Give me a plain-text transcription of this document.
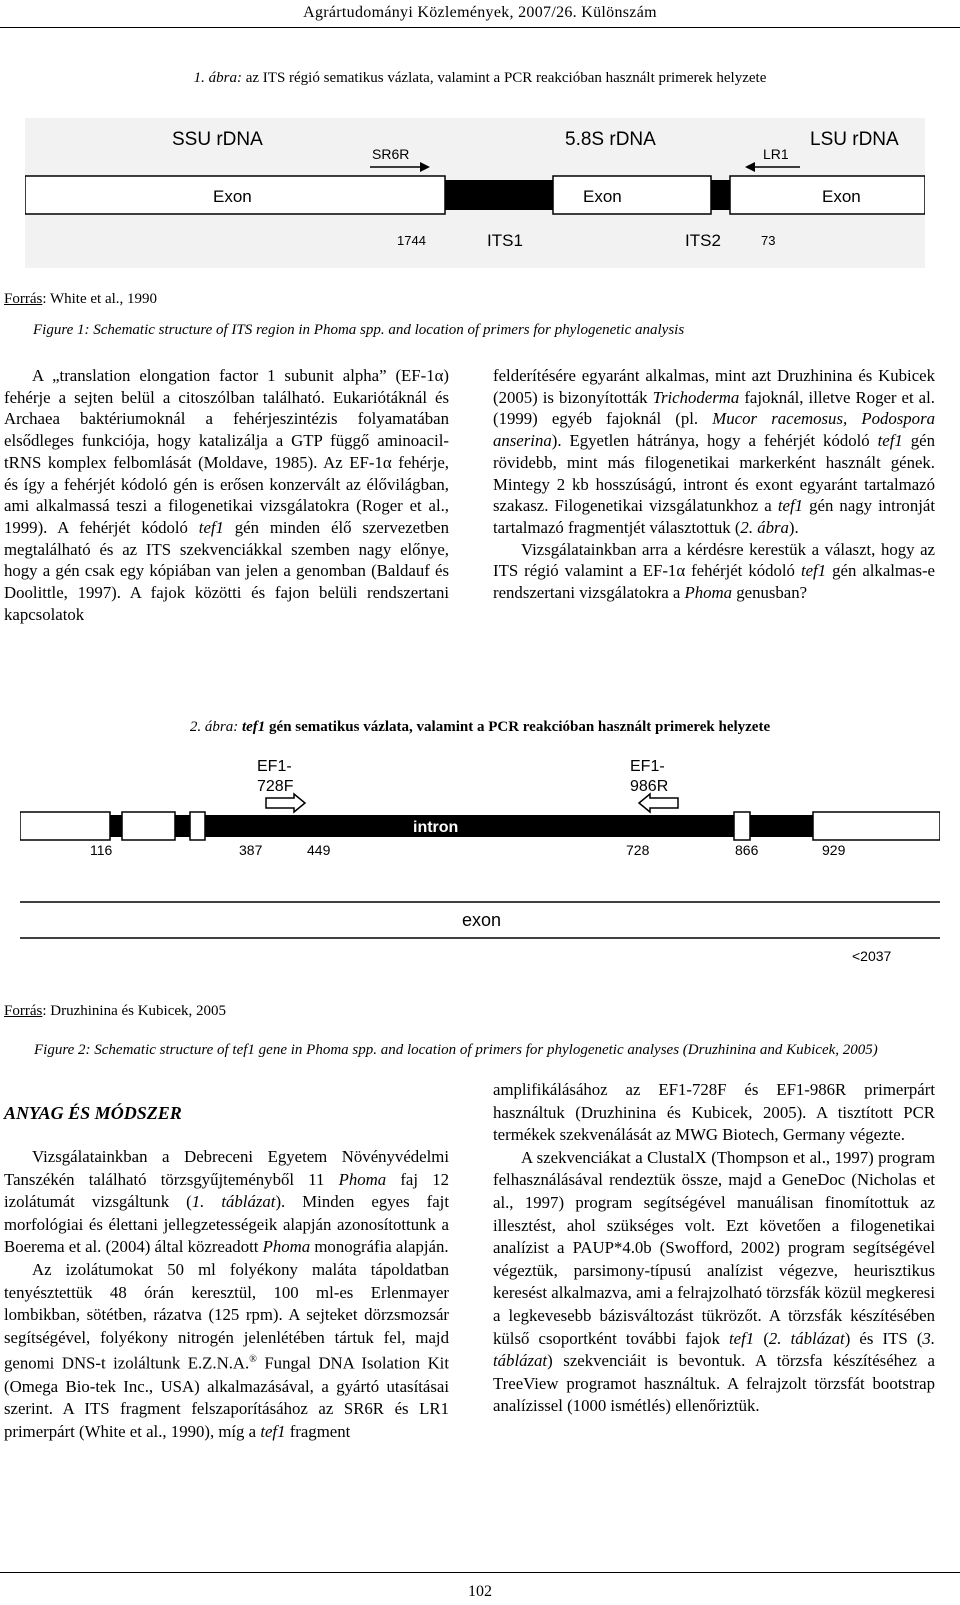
Agrártudományi Közlemények, 2007/26. Különszám
1. ábra: az ITS régió sematikus vázlata, valamint a PCR reakcióban használt primerek helyzete
SSU rDNA	5.8S rDNA	LSU rDNA
SR6R	LR1
Exon	Exon	Exon
1744	ITS1	ITS2	73
Forrás: White et al., 1990
Figure 1: Schematic structure of ITS region in Phoma spp. and location of primers for phylogenetic analysis

A „translation elongation factor 1 subunit alpha” (EF-1α) fehérje a sejten belül a citoszólban található. Eukariótáknál és Archaea baktériumoknál a fehérjeszintézis folyamatában elsődleges funkciója, hogy katalizálja a GTP függő aminoacil-tRNS komplex felbomlását (Moldave, 1985). Az EF-1α fehérje, és így a fehérjét kódoló gén is erősen konzervált az élővilágban, ami alkalmassá teszi a filogenetikai vizsgálatokra (Roger et al., 1999). A fehérjét kódoló tef1 gén minden élő szervezetben megtalálható és az ITS szekvenciákkal szemben nagy előnye, hogy a gén csak egy kópiában van jelen a genomban (Baldauf és Doolittle, 1997). A fajok közötti és fajon belüli rendszertani kapcsolatok

felderítésére egyaránt alkalmas, mint azt Druzhinina és Kubicek (2005) is bizonyították Trichoderma fajoknál, illetve Roger et al. (1999) egyéb fajoknál (pl. Mucor racemosus, Podospora anserina). Egyetlen hátránya, hogy a fehérjét kódoló tef1 gén rövidebb, mint más filogenetikai markerként használt gének. Mintegy 2 kb hosszúságú, intront és exont egyaránt tartalmazó szakasz. Filogenetikai vizsgálatunkhoz a tef1 gén nagy intronját tartalmazó fragmentjét választottuk (2. ábra).

Vizsgálatainkban arra a kérdésre kerestük a választ, hogy az ITS régió valamint a EF-1α fehérjét kódoló tef1 gén alkalmas-e rendszertani vizsgálatokra a Phoma genusban?

2. ábra: tef1 gén sematikus vázlata, valamint a PCR reakcióban használt primerek helyzete
EF1-
728F
EF1-
986R
intron
116	387	449	728	866	929
exon
<2037
Forrás: Druzhinina és Kubicek, 2005
Figure 2: Schematic structure of tef1 gene in Phoma spp. and location of primers for phylogenetic analyses (Druzhinina and Kubicek, 2005)
ANYAG ÉS MÓDSZER

Vizsgálatainkban a Debreceni Egyetem Növényvédelmi Tanszékén található törzsgyűjteményből 11 Phoma faj 12 izolátumát vizsgáltunk (1. táblázat). Minden egyes fajt morfológiai és élettani jellegzetességeik alapján azonosítottunk a Boerema et al. (2004) által közreadott Phoma monográfia alapján.

Az izolátumokat 50 ml folyékony maláta tápoldatban tenyésztettük 48 órán keresztül, 100 ml-es Erlenmayer lombikban, sötétben, rázatva (125 rpm). A sejteket dörzsmozsár segítségével, folyékony nitrogén jelenlétében tártuk fel, majd genomi DNS-t izoláltunk E.Z.N.A.® Fungal DNA Isolation Kit (Omega Bio-tek Inc., USA) alkalmazásával, a gyártó utasításai szerint. A ITS fragment felszaporításához az SR6R és LR1 primerpárt (White et al., 1990), míg a tef1 fragment

amplifikálásához az EF1-728F és EF1-986R primerpárt használtuk (Druzhinina és Kubicek, 2005). A tisztított PCR termékek szekvenálását az MWG Biotech, Germany végezte.

A szekvenciákat a ClustalX (Thompson et al., 1997) program felhasználásával rendeztük össze, majd a GeneDoc (Nicholas et al., 1997) program segítségével manuálisan finomítottuk az illesztést, ahol szükséges volt. Ezt követően a filogenetikai analízist a PAUP*4.0b (Swofford, 2002) program segítségével végeztük, parsimony-típusú analízist végezve, heurisztikus keresést alkalmazva, ami a felrajzolható törzsfák közül megkeresi a legkevesebb bázisváltozást tükrözőt. A törzsfák készítésében külső csoportként további fajok tef1 (2. táblázat) és ITS (3. táblázat) szekvenciáit is bevontuk. A törzsfa készítéséhez a TreeView programot használtuk. A felrajzolt törzsfát bootstrap analízissel (1000 ismétlés) ellenőriztük.

102
